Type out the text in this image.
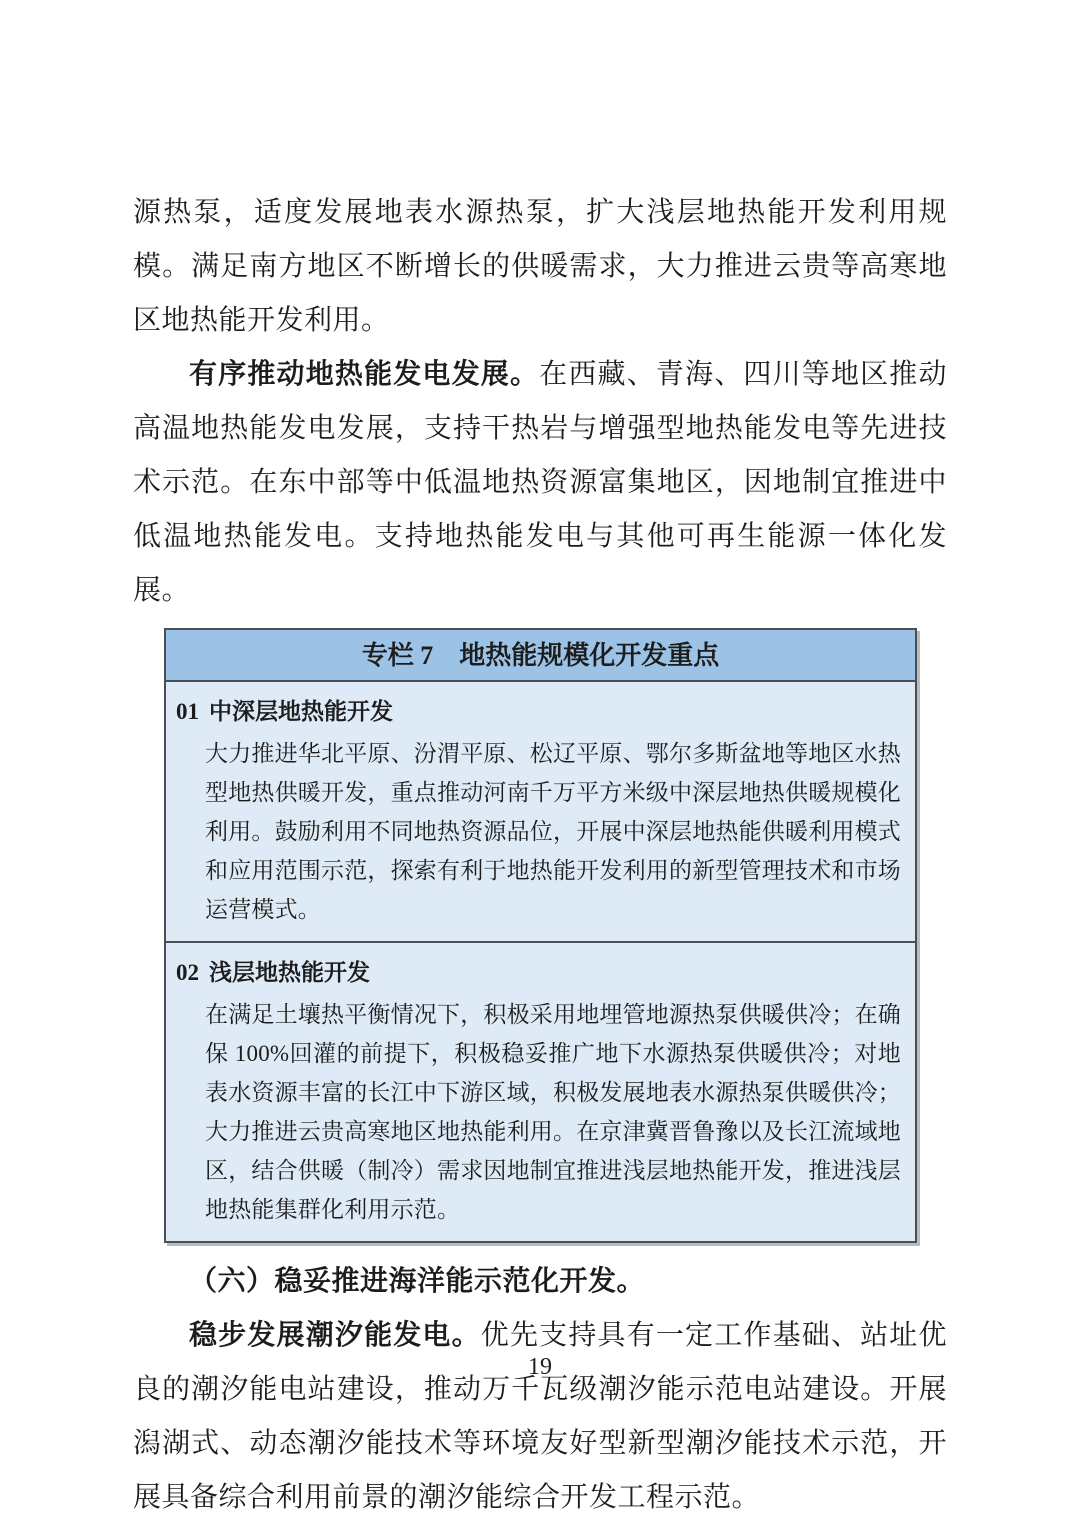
源热泵，适度发展地表水源热泵，扩大浅层地热能开发利用规模。满足南方地区不断增长的供暖需求，大力推进云贵等高寒地区地热能开发利用。

有序推动地热能发电发展。在西藏、青海、四川等地区推动高温地热能发电发展，支持干热岩与增强型地热能发电等先进技术示范。在东中部等中低温地热资源富集地区，因地制宜推进中低温地热能发电。支持地热能发电与其他可再生能源一体化发展。

专栏 7　地热能规模化开发重点
01 中深层地热能开发

大力推进华北平原、汾渭平原、松辽平原、鄂尔多斯盆地等地区水热型地热供暖开发，重点推动河南千万平方米级中深层地热供暖规模化利用。鼓励利用不同地热资源品位，开展中深层地热能供暖利用模式和应用范围示范，探索有利于地热能开发利用的新型管理技术和市场运营模式。

02 浅层地热能开发

在满足土壤热平衡情况下，积极采用地埋管地源热泵供暖供冷；在确保 100%回灌的前提下，积极稳妥推广地下水源热泵供暖供冷；对地表水资源丰富的长江中下游区域，积极发展地表水源热泵供暖供冷；大力推进云贵高寒地区地热能利用。在京津冀晋鲁豫以及长江流域地区，结合供暖（制冷）需求因地制宜推进浅层地热能开发，推进浅层地热能集群化利用示范。

（六）稳妥推进海洋能示范化开发。

稳步发展潮汐能发电。优先支持具有一定工作基础、站址优良的潮汐能电站建设，推动万千瓦级潮汐能示范电站建设。开展潟湖式、动态潮汐能技术等环境友好型新型潮汐能技术示范，开展具备综合利用前景的潮汐能综合开发工程示范。

19
